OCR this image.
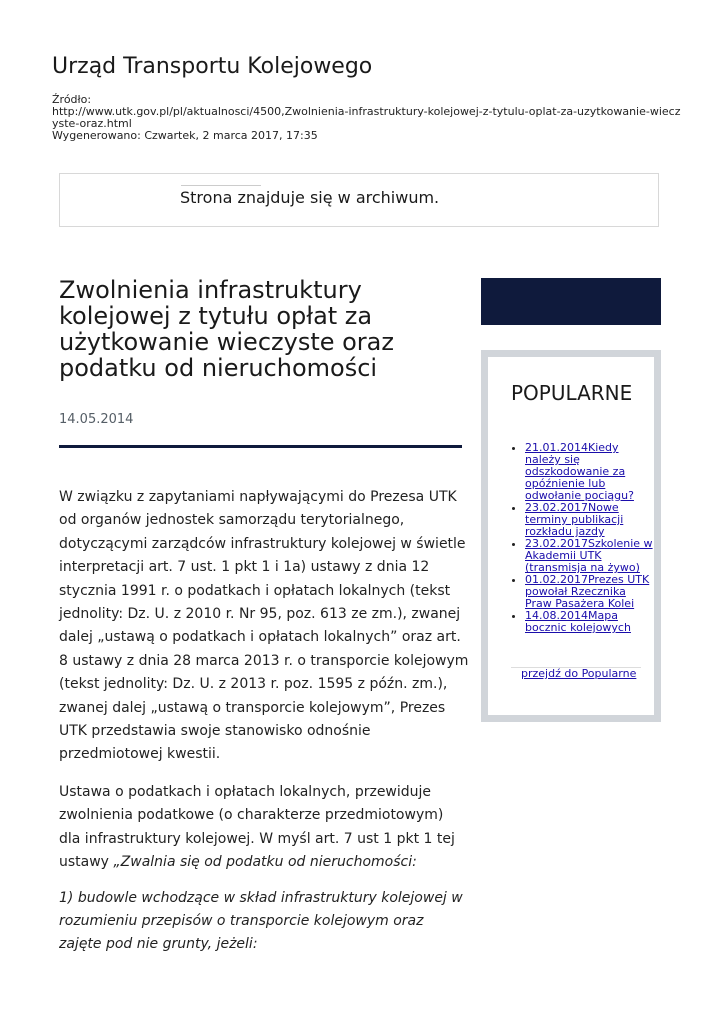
Urząd Transportu Kolejowego
Źródło:
http://www.utk.gov.pl/pl/aktualnosci/4500,Zwolnienia-infrastruktury-kolejowej-z-tytulu-oplat-za-uzytkowanie-wieczyste-oraz.html
Wygenerowano: Czwartek, 2 marca 2017, 17:35
Strona znajduje się w archiwum.
Zwolnienia infrastruktury kolejowej z tytułu opłat za użytkowanie wieczyste oraz podatku od nieruchomości
14.05.2014

W związku z zapytaniami napływającymi do Prezesa UTK od organów jednostek samorządu terytorialnego, dotyczącymi zarządców infrastruktury kolejowej w świetle interpretacji art. 7 ust. 1 pkt 1 i 1a) ustawy z dnia 12 stycznia 1991 r. o podatkach i opłatach lokalnych (tekst jednolity: Dz. U. z 2010 r. Nr 95, poz. 613 ze zm.), zwanej dalej „ustawą o podatkach i opłatach lokalnych” oraz art. 8 ustawy z dnia 28 marca 2013 r. o transporcie kolejowym (tekst jednolity: Dz. U. z 2013 r. poz. 1595 z późn. zm.), zwanej dalej „ustawą o transporcie kolejowym”, Prezes UTK przedstawia swoje stanowisko odnośnie przedmiotowej kwestii.

Ustawa o podatkach i opłatach lokalnych, przewiduje zwolnienia podatkowe (o charakterze przedmiotowym) dla infrastruktury kolejowej. W myśl art. 7 ust 1 pkt 1 tej ustawy „Zwalnia się od podatku od nieruchomości:

1) budowle wchodzące w skład infrastruktury kolejowej w rozumieniu przepisów o transporcie kolejowym oraz zajęte pod nie grunty, jeżeli:

POPULARNE
• 21.01.2014Kiedy należy się odszkodowanie za opóźnienie lub odwołanie pociągu?
• 23.02.2017Nowe terminy publikacji rozkładu jazdy
• 23.02.2017Szkolenie w Akademii UTK (transmisja na żywo)
• 01.02.2017Prezes UTK powołał Rzecznika Praw Pasażera Kolei
• 14.08.2014Mapa bocznic kolejowych
przejdź do Popularne
